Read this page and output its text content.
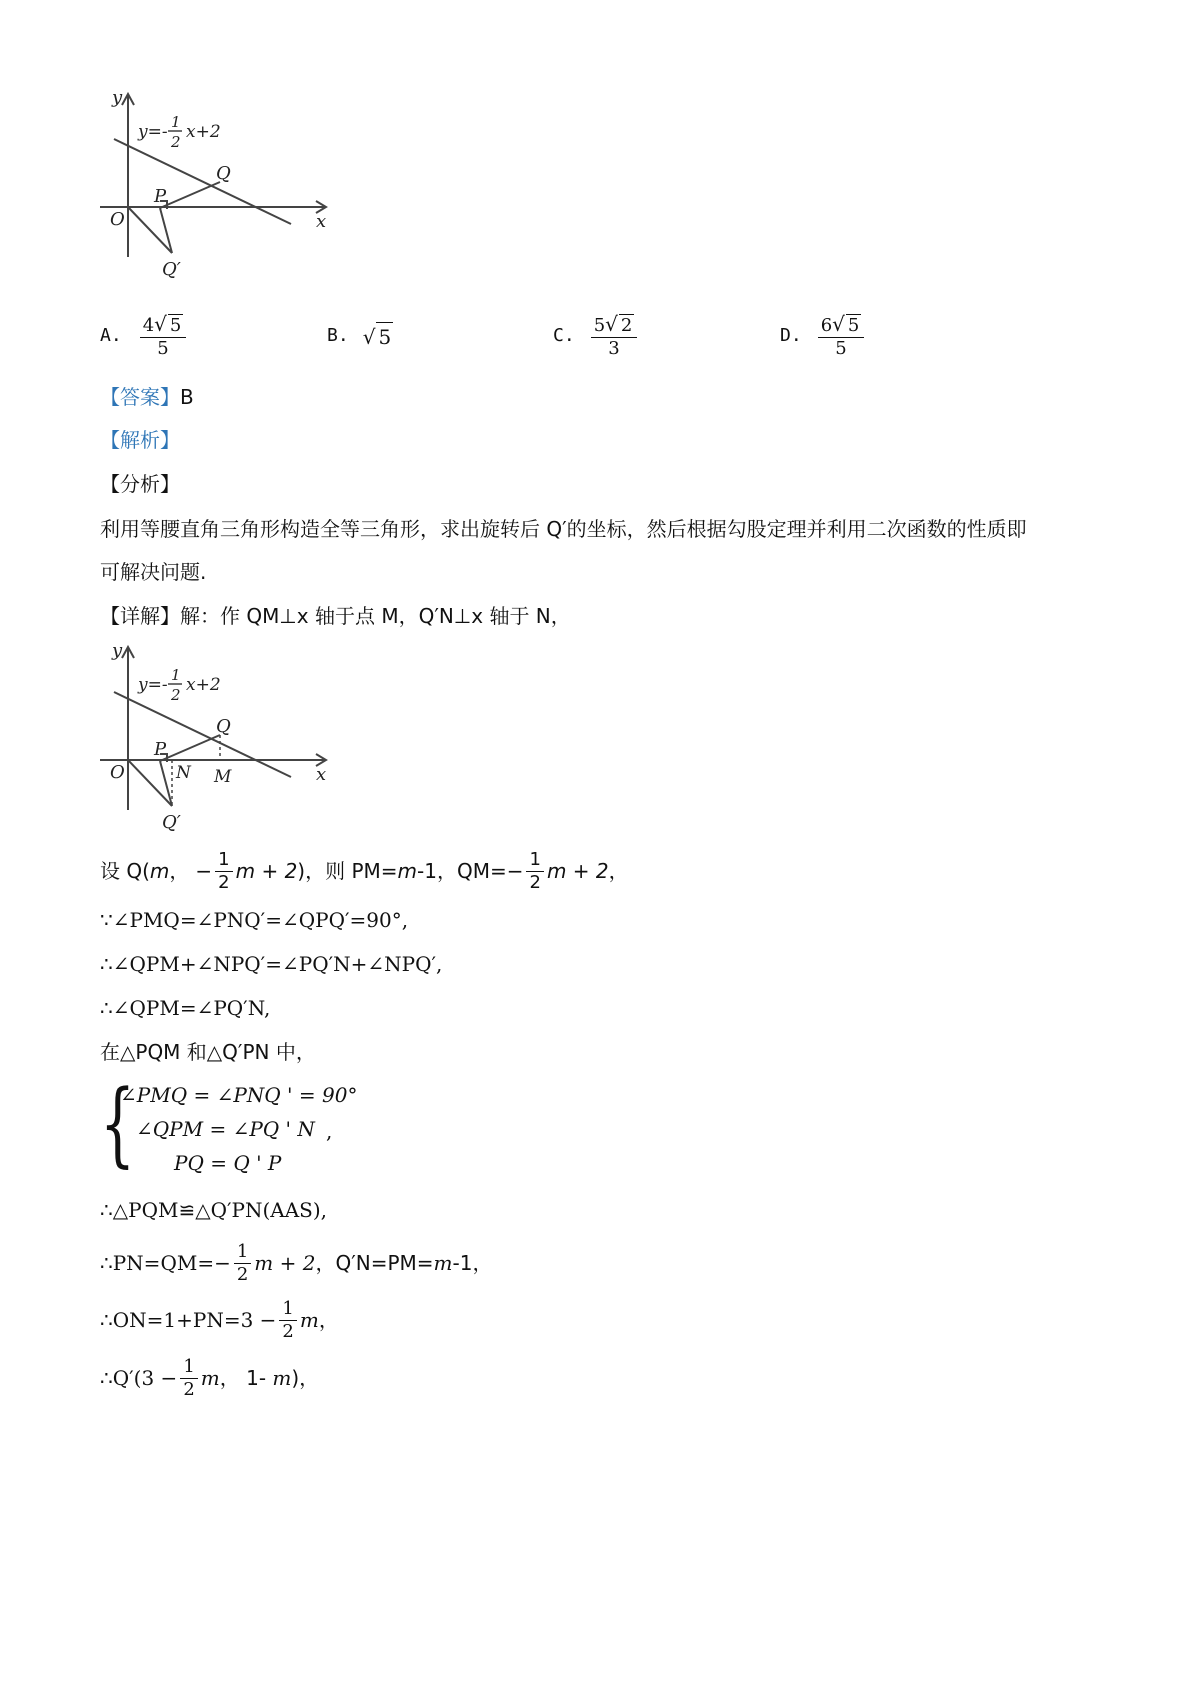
y
x
O
P
Q
Q′
y=- 1
2 x+2
A. $\frac{4√ 5}{5}$	B. √ 5	C. $\frac{5√ 2}{3}$	D. $\frac{6√ 5}{5}$
【答案】B
【解析】
【分析】
利用等腰直角三角形构造全等三角形，求出旋转后 Q′的坐标，然后根据勾股定理并利用二次函数的性质即
可解决问题.
【详解】解：作 QM⊥x 轴于点 M，Q′N⊥x 轴于 N，
y
x
O
P
Q
N M
Q′
y=- 1
2 x+2
设 Q( m ， − $\frac{1}{2}$ m + 2 )，则 PM= m -1，$QM=- \frac{1}{2}$ m + 2 ，
∵∠PMQ=∠PNQ′=∠QPQ′=90°,
∴∠QPM+∠NPQ′=∠PQ′N+∠NPQ′,
∴∠QPM=∠PQ′N,
在△PQM 和△Q′PN 中，
{
∠PMQ = ∠PNQ ' = 90°
∠QPM = ∠PQ ' N
PQ = Q ' P
,
∴△PQM≌△Q′PN(AAS),
∴PN=QM=− $\frac{1}{2}$ m + 2 ，Q′N=PM= m -1，
∴ON=1+PN=3 − $\frac{1}{2}$ m ，
∴Q′(3 − $\frac{1}{2}$ m ， 1- m )，
